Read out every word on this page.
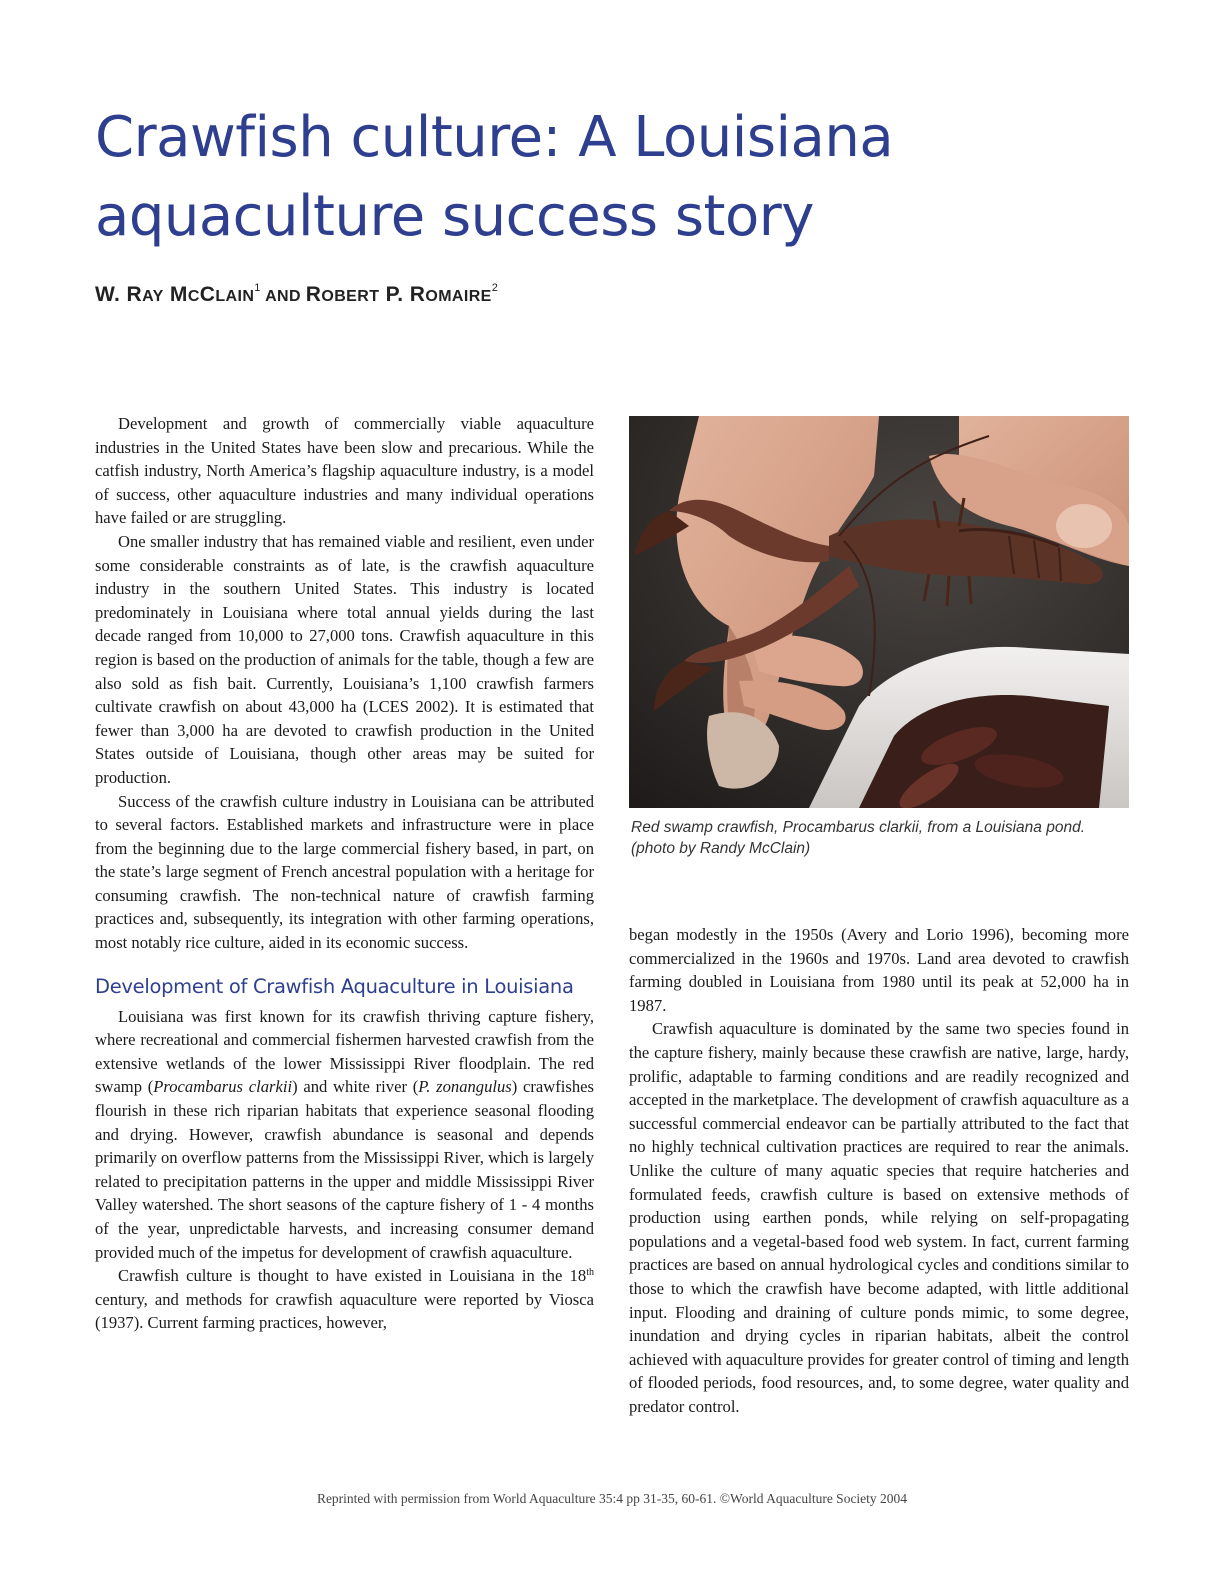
Crawfish culture: A Louisiana
aquaculture success story
W. RAY MCCLAIN$^1$ AND ROBERT P. ROMAIRE$^2$

Development and growth of commercially viable aquaculture industries in the United States have been slow and precarious. While the catfish industry, North America’s flagship aquaculture industry, is a model of success, other aquaculture industries and many individual operations have failed or are struggling.

One smaller industry that has remained viable and resilient, even under some considerable constraints as of late, is the crawfish aquaculture industry in the southern United States. This industry is located predominately in Louisiana where total annual yields during the last decade ranged from 10,000 to 27,000 tons. Crawfish aquaculture in this region is based on the production of animals for the table, though a few are also sold as fish bait. Currently, Louisiana’s 1,100 crawfish farmers cultivate crawfish on about 43,000 ha (LCES 2002). It is estimated that fewer than 3,000 ha are devoted to crawfish production in the United States outside of Louisiana, though other areas may be suited for production.

Success of the crawfish culture industry in Louisiana can be attributed to several factors. Established markets and infrastructure were in place from the beginning due to the large commercial fishery based, in part, on the state’s large segment of French ancestral population with a heritage for consuming crawfish. The non-technical nature of crawfish farming practices and, subsequently, its integration with other farming operations, most notably rice culture, aided in its economic success.

Development of Crawfish Aquaculture in Louisiana

Louisiana was first known for its crawfish thriving capture fishery, where recreational and commercial fishermen harvested crawfish from the extensive wetlands of the lower Mississippi River floodplain. The red swamp (Procambarus clarkii) and white river (P. zonangulus) crawfishes flourish in these rich riparian habitats that experience seasonal flooding and drying. However, crawfish abundance is seasonal and depends primarily on overflow patterns from the Mississippi River, which is largely related to precipitation patterns in the upper and middle Mississippi River Valley watershed. The short seasons of the capture fishery of 1 - 4 months of the year, unpredictable harvests, and increasing consumer demand provided much of the impetus for development of crawfish aquaculture.

Crawfish culture is thought to have existed in Louisiana in the 18th century, and methods for crawfish aquaculture were reported by Viosca (1937). Current farming practices, however,

Red swamp crawfish, Procambarus clarkii, from a Louisiana pond. (photo by Randy McClain)

began modestly in the 1950s (Avery and Lorio 1996), becoming more commercialized in the 1960s and 1970s. Land area devoted to crawfish farming doubled in Louisiana from 1980 until its peak at 52,000 ha in 1987.

Crawfish aquaculture is dominated by the same two species found in the capture fishery, mainly because these crawfish are native, large, hardy, prolific, adaptable to farming conditions and are readily recognized and accepted in the marketplace. The development of crawfish aquaculture as a successful commercial endeavor can be partially attributed to the fact that no highly technical cultivation practices are required to rear the animals. Unlike the culture of many aquatic species that require hatcheries and formulated feeds, crawfish culture is based on extensive methods of production using earthen ponds, while relying on self-propagating populations and a vegetal-based food web system. In fact, current farming practices are based on annual hydrological cycles and conditions similar to those to which the crawfish have become adapted, with little additional input. Flooding and draining of culture ponds mimic, to some degree, inundation and drying cycles in riparian habitats, albeit the control achieved with aquaculture provides for greater control of timing and length of flooded periods, food resources, and, to some degree, water quality and predator control.

Reprinted with permission from World Aquaculture 35:4 pp 31-35, 60-61. ©World Aquaculture Society 2004
